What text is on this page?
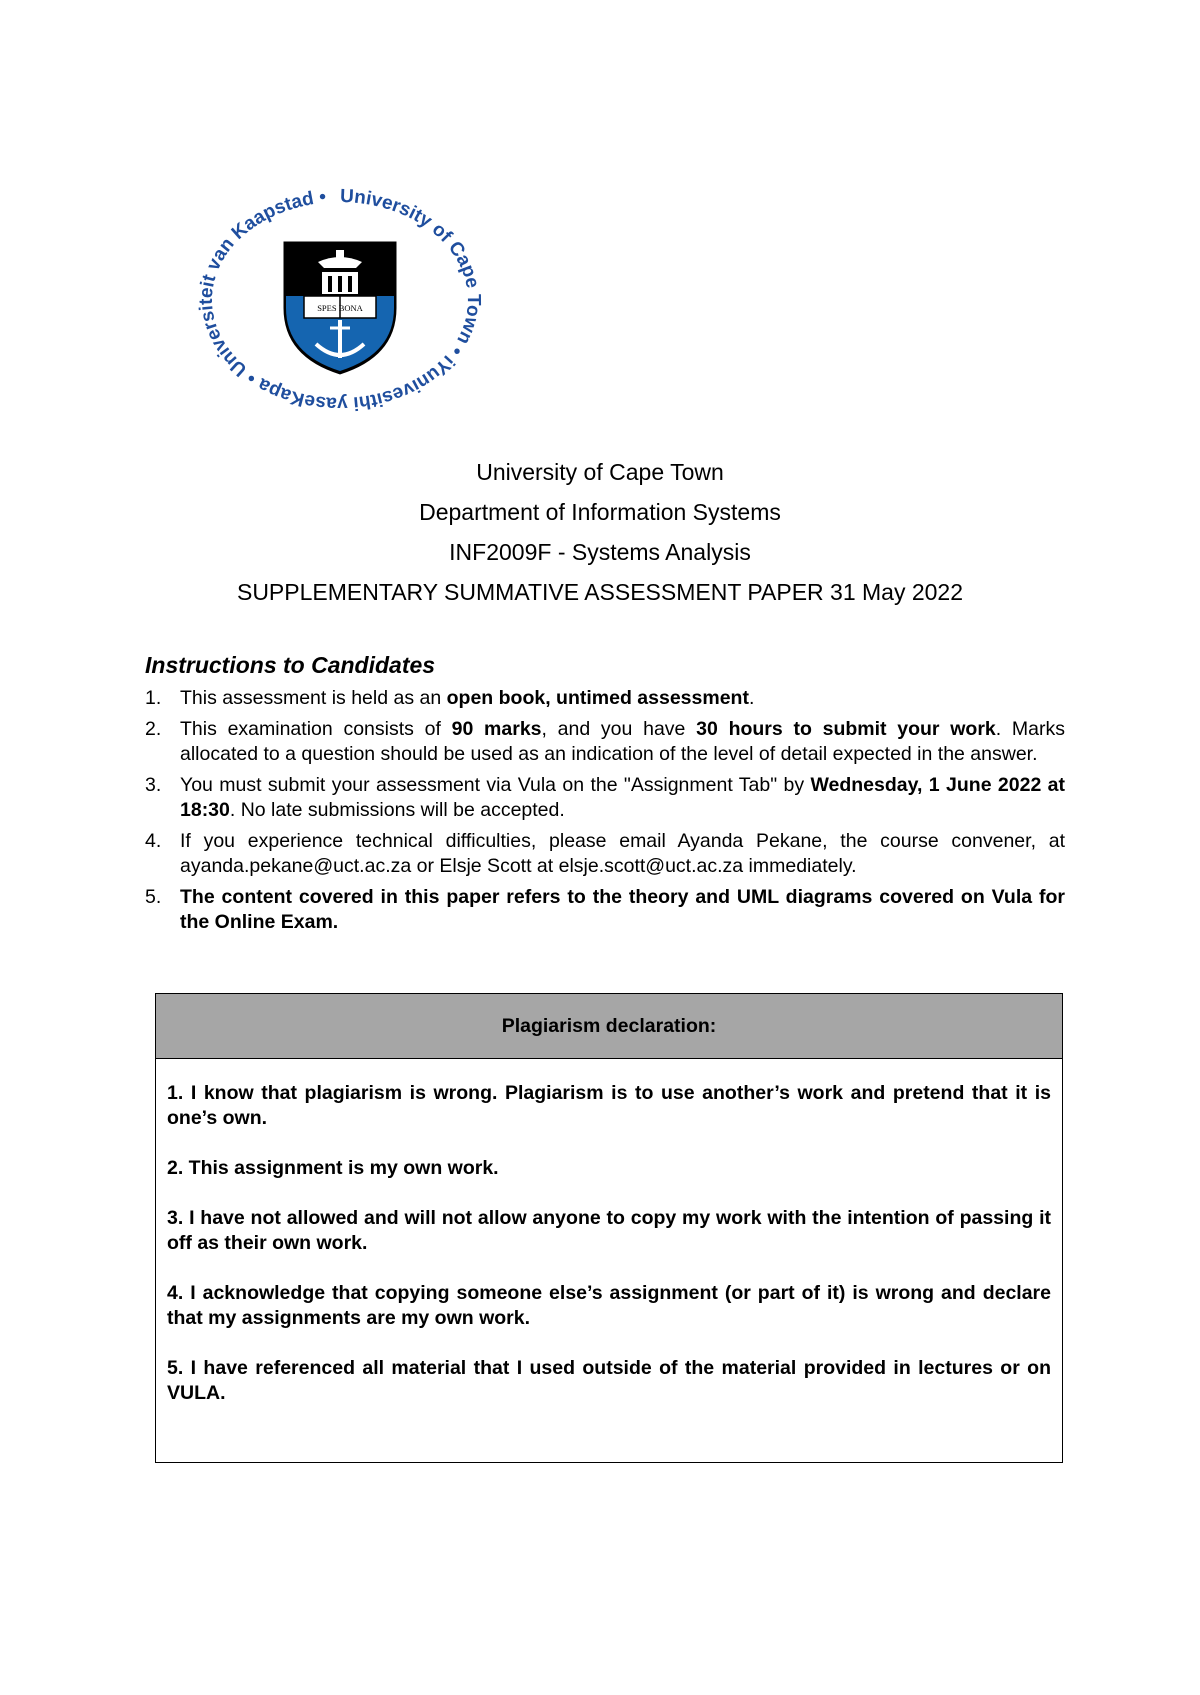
University of Cape Town • iYunivesithi yaseKapa • Universiteit van Kaapstad •
SPES BONA

University of Cape Town

Department of Information Systems

INF2009F - Systems Analysis

SUPPLEMENTARY SUMMATIVE ASSESSMENT PAPER 31 May 2022

Instructions to Candidates

1. This assessment is held as an open book, untimed assessment.
2. This examination consists of 90 marks, and you have 30 hours to submit your work. Marks allocated to a question should be used as an indication of the level of detail expected in the answer.
3. You must submit your assessment via Vula on the "Assignment Tab" by Wednesday, 1 June 2022 at 18:30. No late submissions will be accepted.
4. If you experience technical difficulties, please email Ayanda Pekane, the course convener, at ayanda.pekane@uct.ac.za or Elsje Scott at elsje.scott@uct.ac.za immediately.
5. The content covered in this paper refers to the theory and UML diagrams covered on Vula for the Online Exam.
Plagiarism declaration:

1. I know that plagiarism is wrong. Plagiarism is to use another’s work and pretend that it is one’s own.

2. This assignment is my own work.

3. I have not allowed and will not allow anyone to copy my work with the intention of passing it off as their own work.

4. I acknowledge that copying someone else’s assignment (or part of it) is wrong and declare that my assignments are my own work.

5. I have referenced all material that I used outside of the material provided in lectures or on VULA.
